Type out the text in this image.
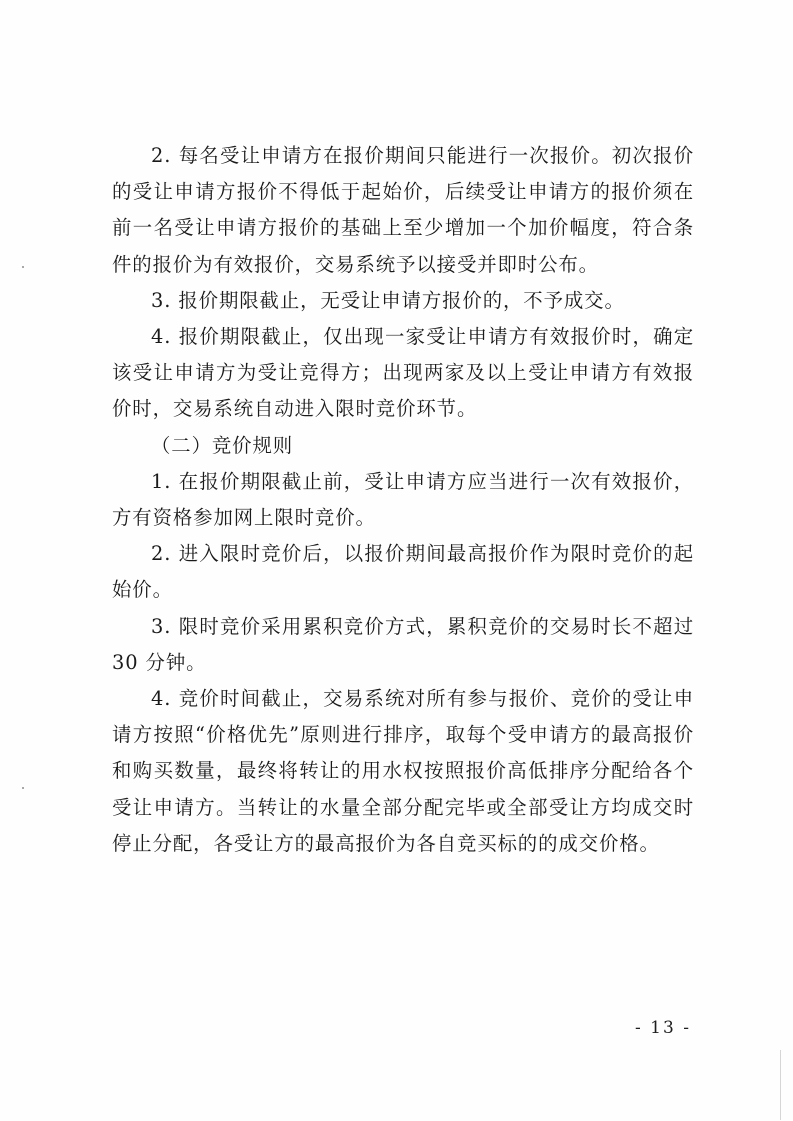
2. 每名受让申请方在报价期间只能进行一次报价。初次报价的受让申请方报价不得低于起始价，后续受让申请方的报价须在前一名受让申请方报价的基础上至少增加一个加价幅度，符合条件的报价为有效报价，交易系统予以接受并即时公布。

3. 报价期限截止，无受让申请方报价的，不予成交。

4. 报价期限截止，仅出现一家受让申请方有效报价时，确定该受让申请方为受让竞得方；出现两家及以上受让申请方有效报价时，交易系统自动进入限时竞价环节。

（二）竞价规则

1. 在报价期限截止前，受让申请方应当进行一次有效报价，方有资格参加网上限时竞价。

2. 进入限时竞价后，以报价期间最高报价作为限时竞价的起始价。

3. 限时竞价采用累积竞价方式，累积竞价的交易时长不超过 30 分钟。

4. 竞价时间截止，交易系统对所有参与报价、竞价的受让申请方按照“价格优先”原则进行排序，取每个受申请方的最高报价和购买数量，最终将转让的用水权按照报价高低排序分配给各个受让申请方。当转让的水量全部分配完毕或全部受让方均成交时停止分配，各受让方的最高报价为各自竞买标的的成交价格。

- 13 -
